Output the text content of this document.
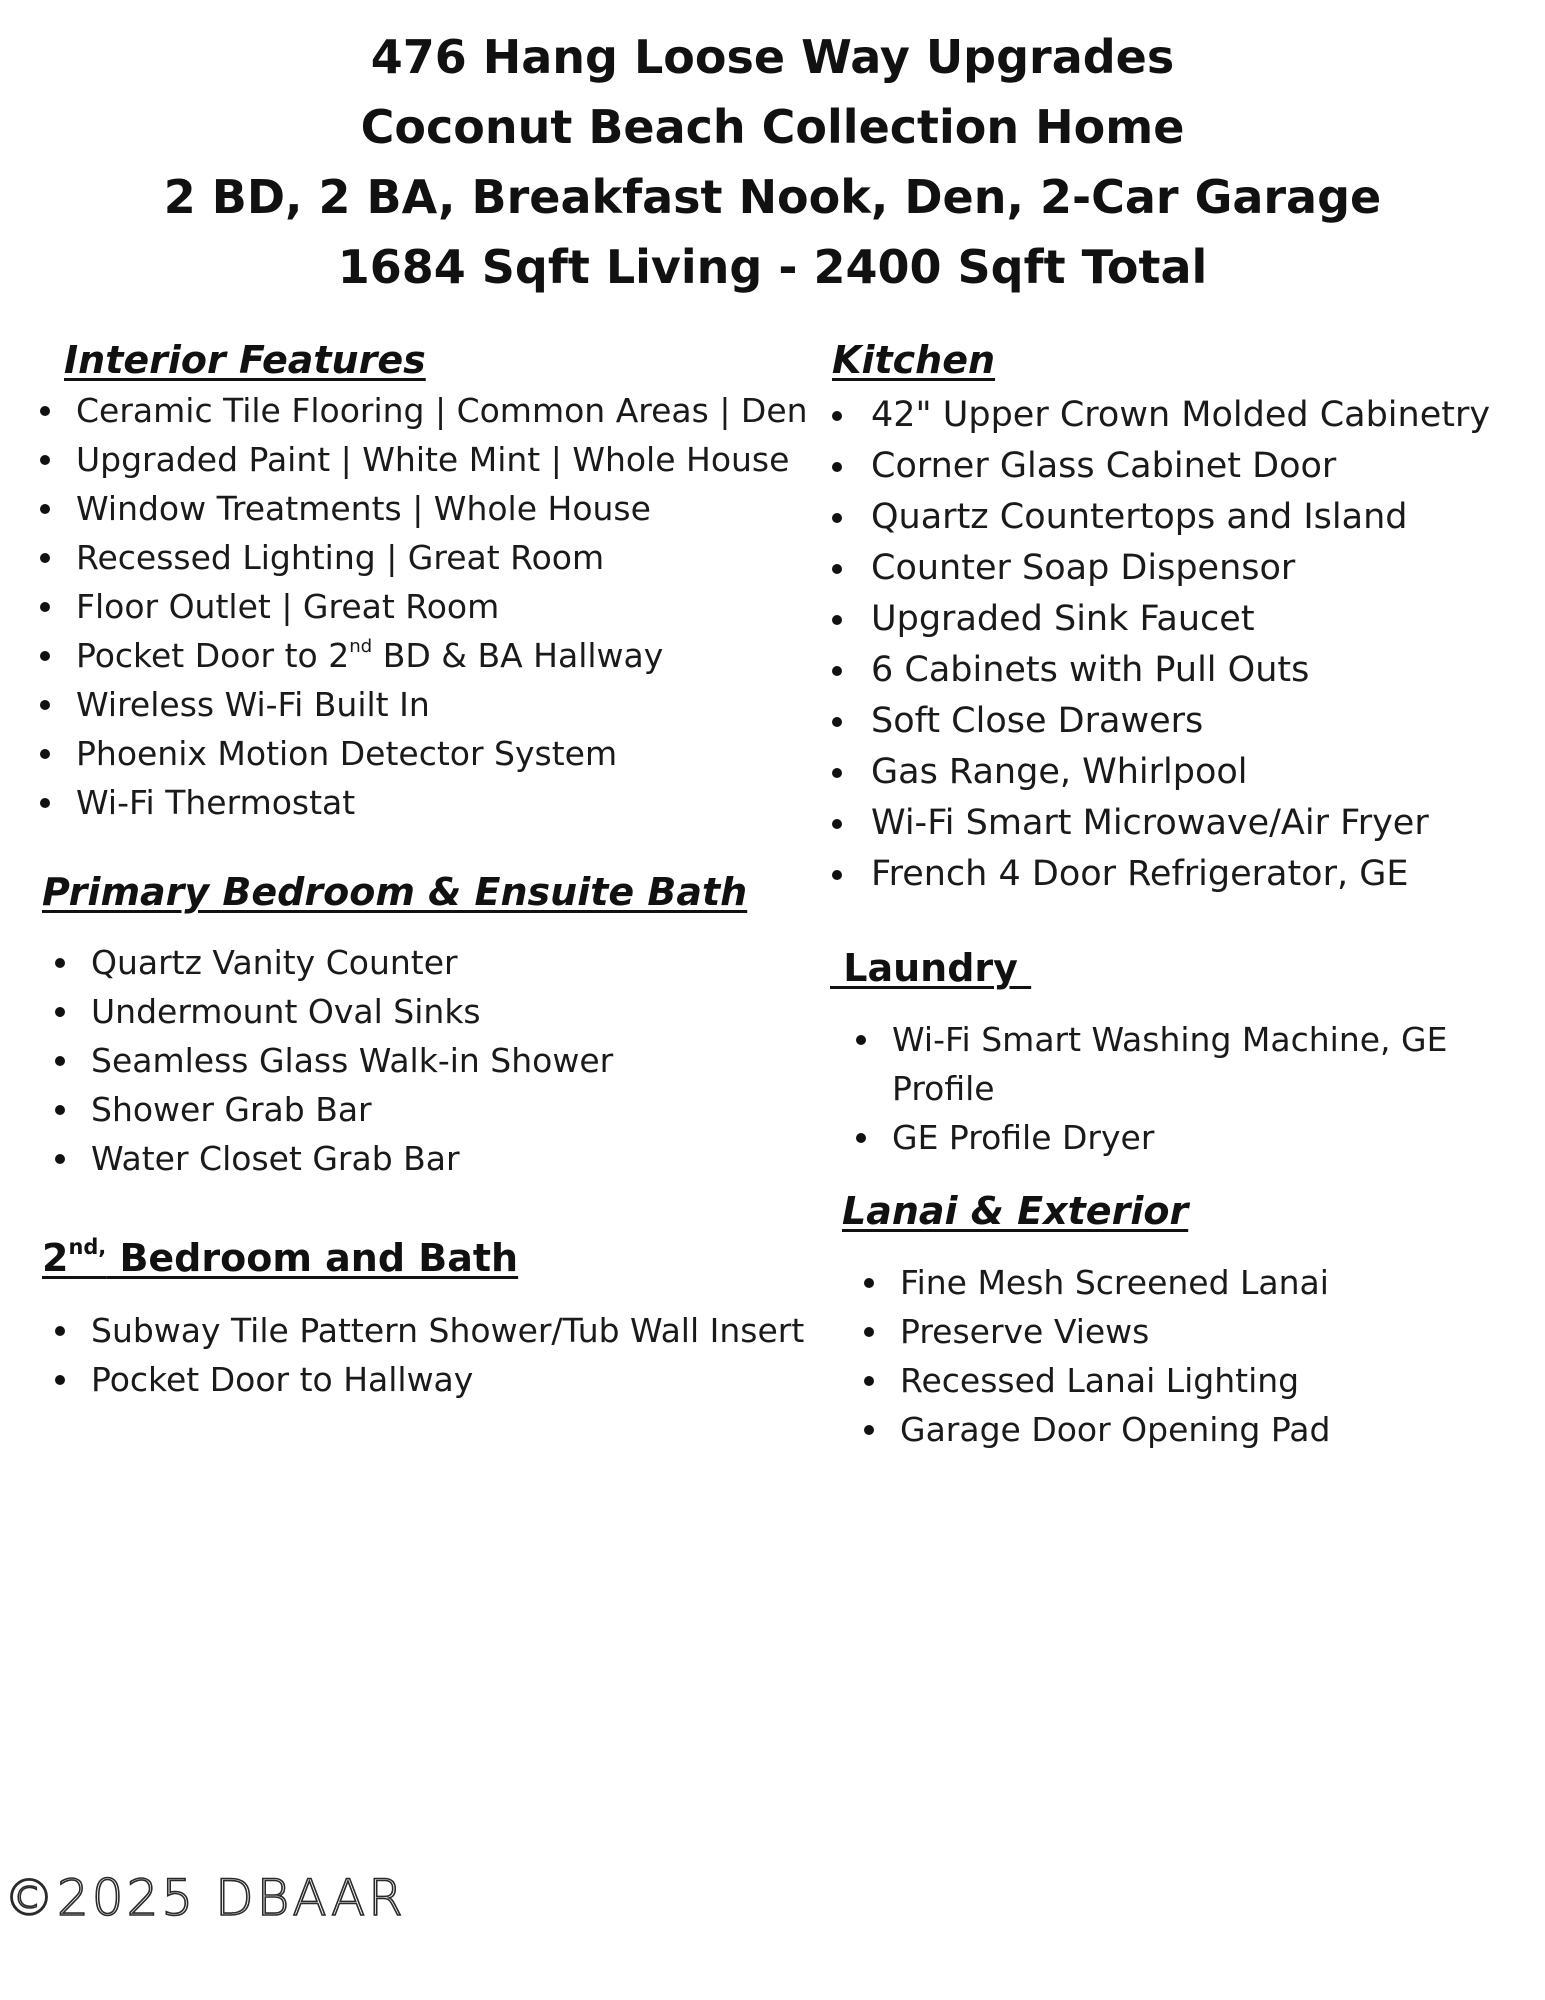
476 Hang Loose Way Upgrades
Coconut Beach Collection Home
2 BD, 2 BA, Breakfast Nook, Den, 2-Car Garage
1684 Sqft Living - 2400 Sqft Total
Interior Features
Ceramic Tile Flooring | Common Areas | Den
Upgraded Paint | White Mint | Whole House
Window Treatments | Whole House
Recessed Lighting | Great Room
Floor Outlet | Great Room
Pocket Door to 2nd BD & BA Hallway
Wireless Wi-Fi Built In
Phoenix Motion Detector System
Wi-Fi Thermostat
Primary Bedroom & Ensuite Bath
Quartz Vanity Counter
Undermount Oval Sinks
Seamless Glass Walk-in Shower
Shower Grab Bar
Water Closet Grab Bar
$2^{nd,}$ Bedroom and Bath
Subway Tile Pattern Shower/Tub Wall Insert
Pocket Door to Hallway
Kitchen
42" Upper Crown Molded Cabinetry
Corner Glass Cabinet Door
Quartz Countertops and Island
Counter Soap Dispensor
Upgraded Sink Faucet
6 Cabinets with Pull Outs
Soft Close Drawers
Gas Range, Whirlpool
Wi-Fi Smart Microwave/Air Fryer
French 4 Door Refrigerator, GE
Laundry
Wi-Fi Smart Washing Machine, GE Profile
GE Profile Dryer
Lanai & Exterior
Fine Mesh Screened Lanai
Preserve Views
Recessed Lanai Lighting
Garage Door Opening Pad
©2025 DBAAR
